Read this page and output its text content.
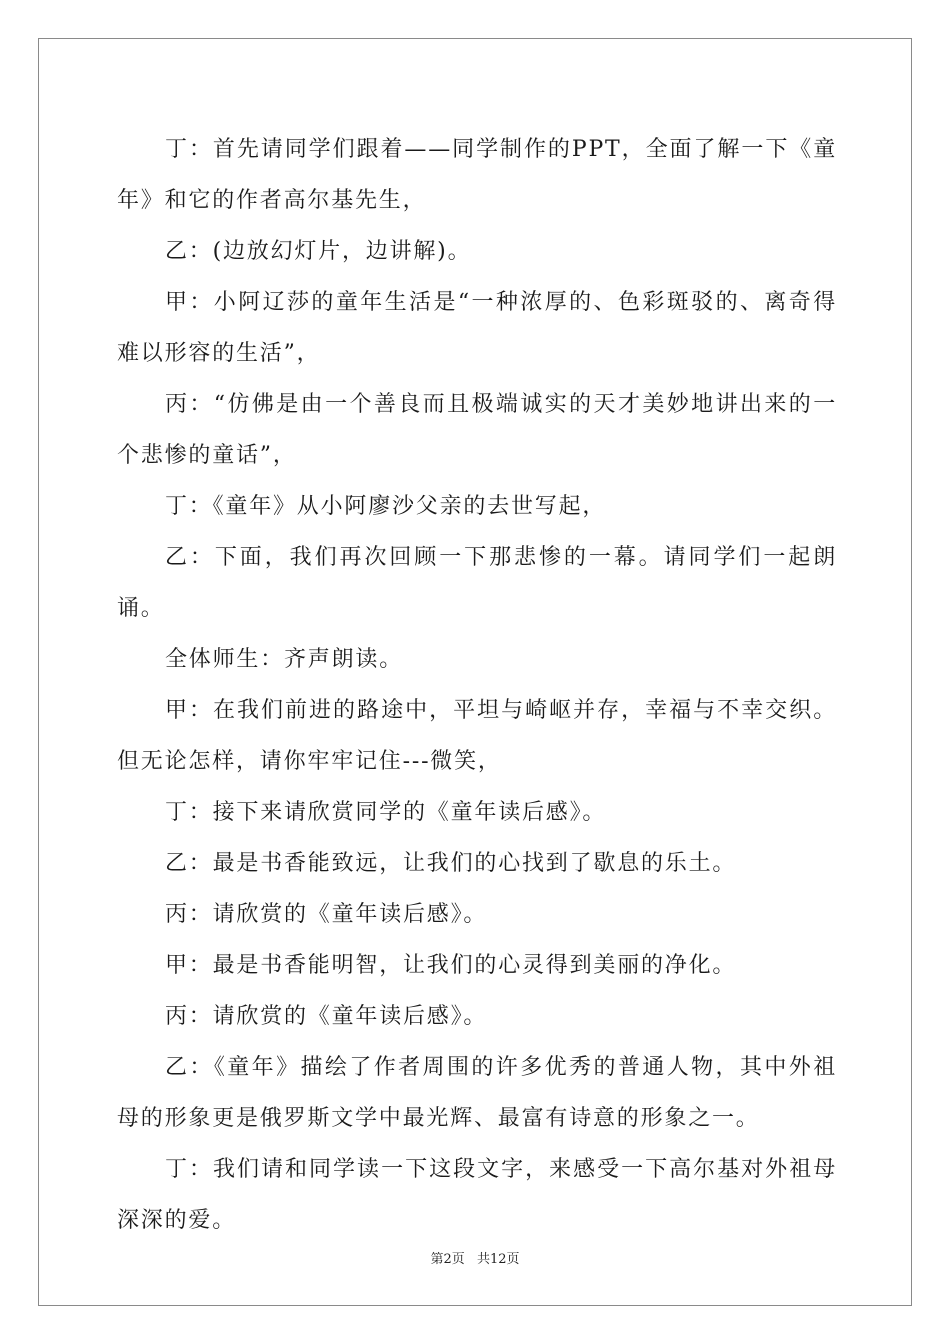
丁：首先请同学们跟着——同学制作的PPT，全面了解一下《童年》和它的作者高尔基先生，

乙：(边放幻灯片，边讲解)。

甲：小阿辽莎的童年生活是“一种浓厚的、色彩斑驳的、离奇得难以形容的生活”，

丙：“仿佛是由一个善良而且极端诚实的天才美妙地讲出来的一个悲惨的童话”，

丁：《童年》从小阿廖沙父亲的去世写起，

乙：下面，我们再次回顾一下那悲惨的一幕。请同学们一起朗诵。

全体师生：齐声朗读。

甲：在我们前进的路途中，平坦与崎岖并存，幸福与不幸交织。但无论怎样，请你牢牢记住---微笑，

丁：接下来请欣赏同学的《童年读后感》。

乙：最是书香能致远，让我们的心找到了歇息的乐土。

丙：请欣赏的《童年读后感》。

甲：最是书香能明智，让我们的心灵得到美丽的净化。

丙：请欣赏的《童年读后感》。

乙：《童年》描绘了作者周围的许多优秀的普通人物，其中外祖母的形象更是俄罗斯文学中最光辉、最富有诗意的形象之一。

丁：我们请和同学读一下这段文字，来感受一下高尔基对外祖母深深的爱。

第2页 共12页
